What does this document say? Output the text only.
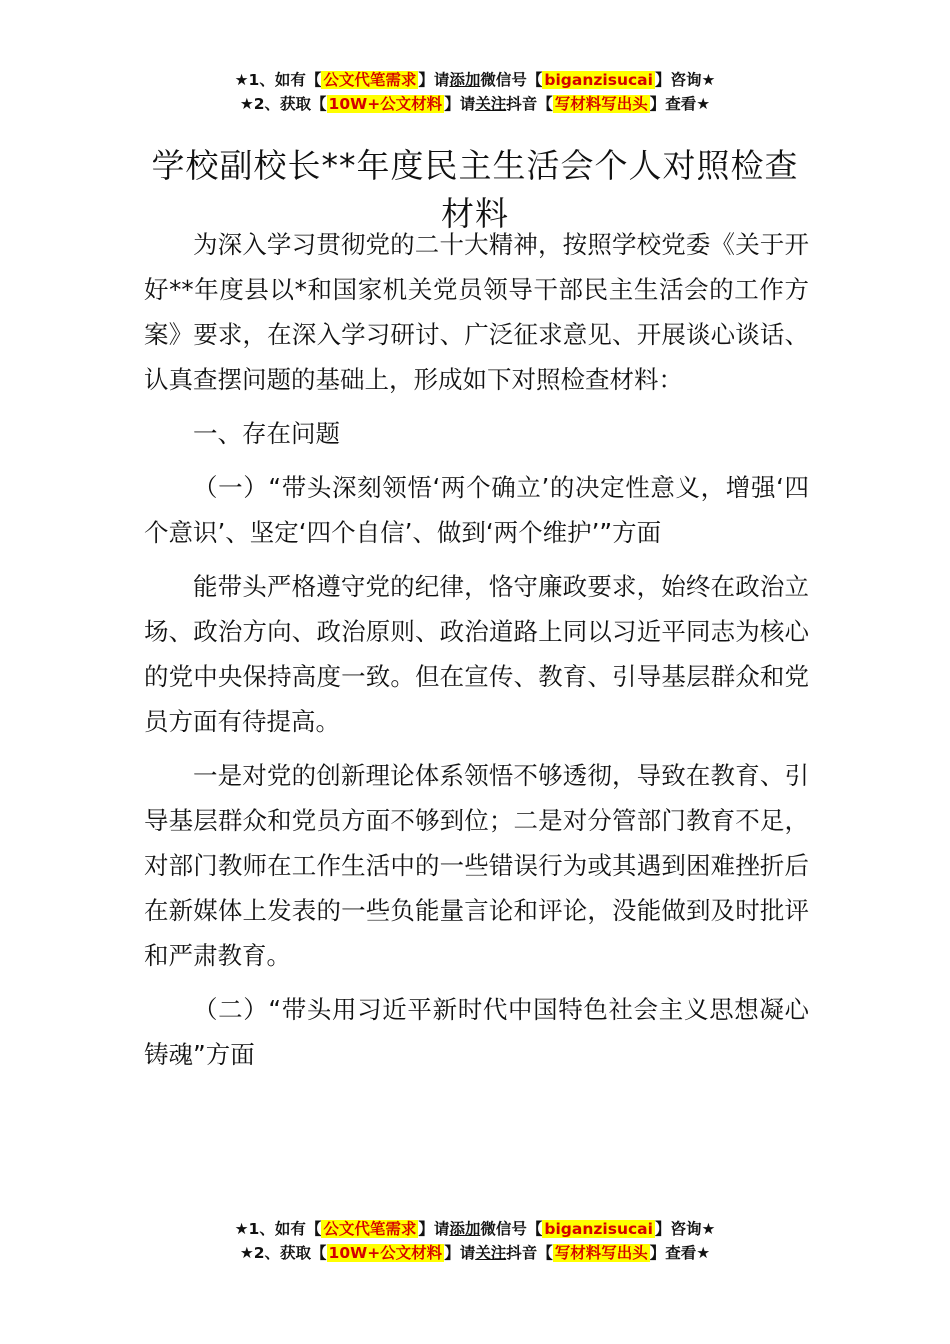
★1、如有【 公文代笔需求 】请添加微信号【 biganzisucai 】咨询★
★2、获取【 10W+公文材料 】请关注抖音【 写材料写出头 】查看★
学校副校长**年度民主生活会个人对照检查材料

为深入学习贯彻党的二十大精神，按照学校党委《关于开好**年度县以*和国家机关党员领导干部民主生活会的工作方案》要求，在深入学习研讨、广泛征求意见、开展谈心谈话、认真查摆问题的基础上，形成如下对照检查材料：

一、存在问题

（一）“带头深刻领悟‘两个确立’的决定性意义，增强‘四个意识’、坚定‘四个自信’、做到‘两个维护’”方面

能带头严格遵守党的纪律，恪守廉政要求，始终在政治立场、政治方向、政治原则、政治道路上同以习近平同志为核心的党中央保持高度一致。但在宣传、教育、引导基层群众和党员方面有待提高。

一是对党的创新理论体系领悟不够透彻，导致在教育、引导基层群众和党员方面不够到位；二是对分管部门教育不足，对部门教师在工作生活中的一些错误行为或其遇到困难挫折后在新媒体上发表的一些负能量言论和评论，没能做到及时批评和严肃教育。

（二）“带头用习近平新时代中国特色社会主义思想凝心铸魂”方面

★1、如有【 公文代笔需求 】请添加微信号【 biganzisucai 】咨询★
★2、获取【 10W+公文材料 】请关注抖音【 写材料写出头 】查看★
